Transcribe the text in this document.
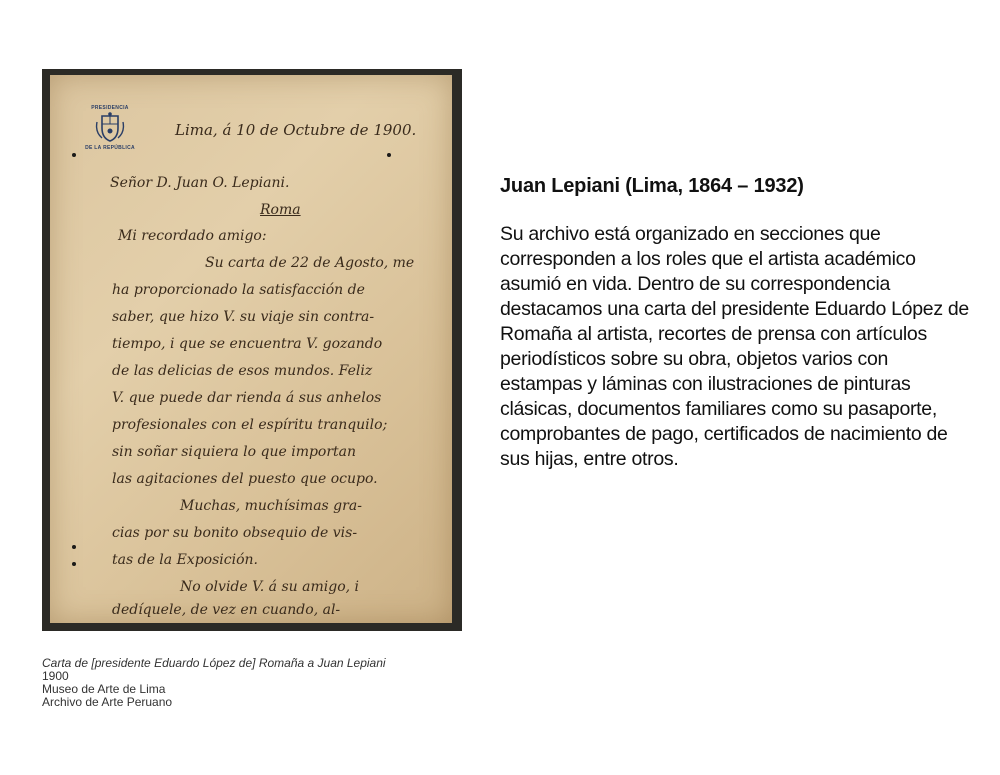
PRESIDENCIA
DE LA REPÚBLICA
Lima, á 10 de Octubre de 1900.
Señor D. Juan O. Lepiani.
Roma
Mi recordado amigo:
Su carta de 22 de Agosto, me
ha proporcionado la satisfacción de
saber, que hizo V. su viaje sin contra-
tiempo, i que se encuentra V. gozando
de las delicias de esos mundos. Feliz
V. que puede dar rienda á sus anhelos
profesionales con el espíritu tranquilo;
sin soñar siquiera lo que importan
las agitaciones del puesto que ocupo.
Muchas, muchísimas gra-
cias por su bonito obsequio de vis-
tas de la Exposición.
No olvide V. á su amigo, i
dedíquele, de vez en cuando, al-
Carta de [presidente Eduardo López de] Romaña a Juan Lepiani
1900
Museo de Arte de Lima
Archivo de Arte Peruano
Juan Lepiani (Lima, 1864 – 1932)

Su archivo está organizado en secciones que corresponden a los roles que el artista académico asumió en vida. Dentro de su correspondencia destacamos una carta del presidente Eduardo López de Romaña al artista, recortes de prensa con artículos periodísticos sobre su obra, objetos varios con estampas y láminas con ilustraciones de pinturas clásicas, documentos familiares como su pasaporte, comprobantes de pago, certificados de nacimiento de sus hijas, entre otros.
